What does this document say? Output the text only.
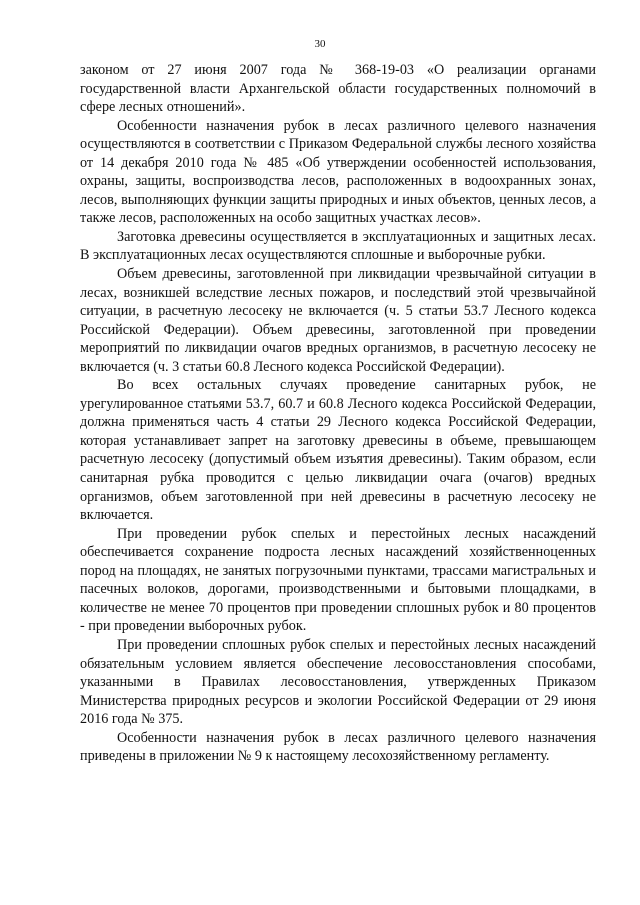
30

законом от 27 июня 2007 года № 368-19-03 «О реализации органами государственной власти Архангельской области государственных полномочий в сфере лесных отношений».

Особенности назначения рубок в лесах различного целевого назначения осуществляются в соответствии с Приказом Федеральной службы лесного хозяйства от 14 декабря 2010 года № 485 «Об утверждении особенностей использования, охраны, защиты, воспроизводства лесов, расположенных в водоохранных зонах, лесов, выполняющих функции защиты природных и иных объектов, ценных лесов, а также лесов, расположенных на особо защитных участках лесов».

Заготовка древесины осуществляется в эксплуатационных и защитных лесах. В эксплуатационных лесах осуществляются сплошные и выборочные рубки.

Объем древесины, заготовленной при ликвидации чрезвычайной ситуации в лесах, возникшей вследствие лесных пожаров, и последствий этой чрезвычайной ситуации, в расчетную лесосеку не включается (ч. 5 статьи 53.7 Лесного кодекса Российской Федерации). Объем древесины, заготовленной при проведении мероприятий по ликвидации очагов вредных организмов, в расчетную лесосеку не включается (ч. 3 статьи 60.8 Лесного кодекса Российской Федерации).

Во всех остальных случаях проведение санитарных рубок, не урегулированное статьями 53.7, 60.7 и 60.8 Лесного кодекса Российской Федерации, должна применяться часть 4 статьи 29 Лесного кодекса Российской Федерации, которая устанавливает запрет на заготовку древесины в объеме, превышающем расчетную лесосеку (допустимый объем изъятия древесины). Таким образом, если санитарная рубка проводится с целью ликвидации очага (очагов) вредных организмов, объем заготовленной при ней древесины в расчетную лесосеку не включается.

При проведении рубок спелых и перестойных лесных насаждений обеспечивается сохранение подроста лесных насаждений хозяйственноценных пород на площадях, не занятых погрузочными пунктами, трассами магистральных и пасечных волоков, дорогами, производственными и бытовыми площадками, в количестве не менее 70 процентов при проведении сплошных рубок и 80 процентов - при проведении выборочных рубок.

При проведении сплошных рубок спелых и перестойных лесных насаждений обязательным условием является обеспечение лесовосстановления способами, указанными в Правилах лесовосстановления, утвержденных Приказом Министерства природных ресурсов и экологии Российской Федерации от 29 июня 2016 года № 375.

Особенности назначения рубок в лесах различного целевого назначения приведены в приложении № 9 к настоящему лесохозяйственному регламенту.
